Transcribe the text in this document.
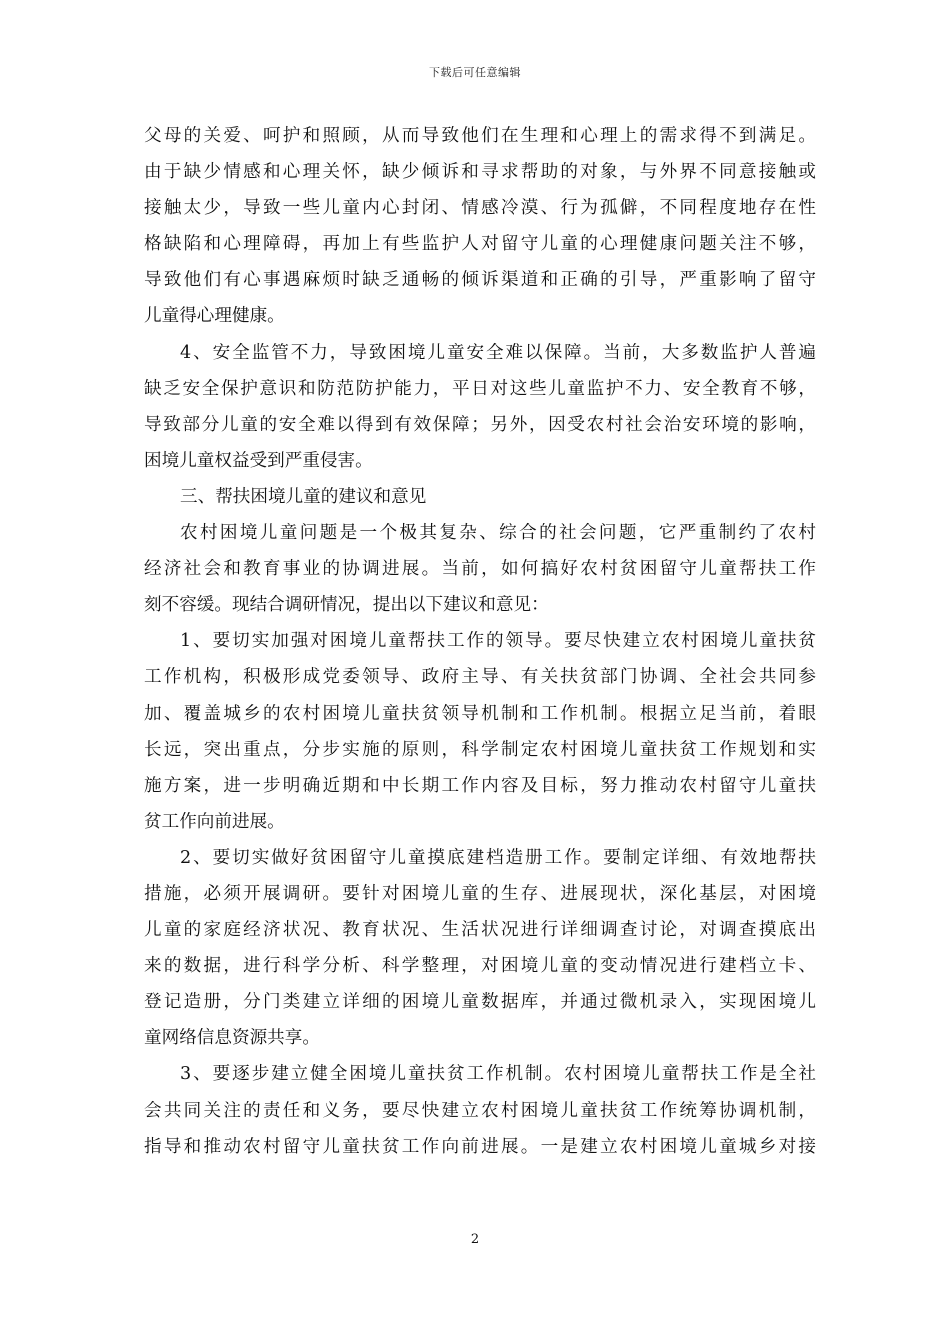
下载后可任意编辑
父母的关爱、呵护和照顾，从而导致他们在生理和心理上的需求得不到满足。
由于缺少情感和心理关怀，缺少倾诉和寻求帮助的对象，与外界不同意接触或
接触太少，导致一些儿童内心封闭、情感冷漠、行为孤僻，不同程度地存在性
格缺陷和心理障碍，再加上有些监护人对留守儿童的心理健康问题关注不够，
导致他们有心事遇麻烦时缺乏通畅的倾诉渠道和正确的引导，严重影响了留守
儿童得心理健康。
4、安全监管不力，导致困境儿童安全难以保障。当前，大多数监护人普遍
缺乏安全保护意识和防范防护能力，平日对这些儿童监护不力、安全教育不够，
导致部分儿童的安全难以得到有效保障；另外，因受农村社会治安环境的影响，
困境儿童权益受到严重侵害。
三、帮扶困境儿童的建议和意见
农村困境儿童问题是一个极其复杂、综合的社会问题，它严重制约了农村
经济社会和教育事业的协调进展。当前，如何搞好农村贫困留守儿童帮扶工作
刻不容缓。现结合调研情况，提出以下建议和意见：
1、要切实加强对困境儿童帮扶工作的领导。要尽快建立农村困境儿童扶贫
工作机构，积极形成党委领导、政府主导、有关扶贫部门协调、全社会共同参
加、覆盖城乡的农村困境儿童扶贫领导机制和工作机制。根据立足当前，着眼
长远，突出重点，分步实施的原则，科学制定农村困境儿童扶贫工作规划和实
施方案，进一步明确近期和中长期工作内容及目标，努力推动农村留守儿童扶
贫工作向前进展。
2、要切实做好贫困留守儿童摸底建档造册工作。要制定详细、有效地帮扶
措施，必须开展调研。要针对困境儿童的生存、进展现状，深化基层，对困境
儿童的家庭经济状况、教育状况、生活状况进行详细调查讨论，对调查摸底出
来的数据，进行科学分析、科学整理，对困境儿童的变动情况进行建档立卡、
登记造册，分门类建立详细的困境儿童数据库，并通过微机录入，实现困境儿
童网络信息资源共享。
3、要逐步建立健全困境儿童扶贫工作机制。农村困境儿童帮扶工作是全社
会共同关注的责任和义务，要尽快建立农村困境儿童扶贫工作统筹协调机制，
指导和推动农村留守儿童扶贫工作向前进展。一是建立农村困境儿童城乡对接
2
